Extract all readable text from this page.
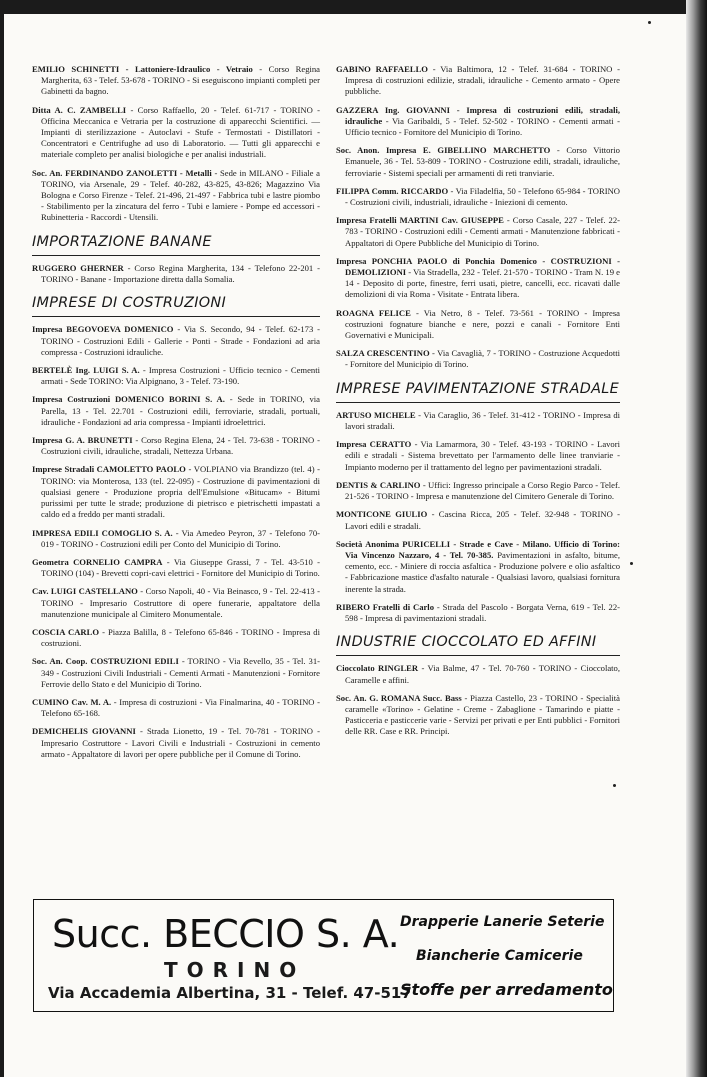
EMILIO SCHINETTI - Lattoniere-Idraulico - Vetraio - Corso Regina Margherita, 63 - Telef. 53-678 - TORINO - Si eseguiscono impianti completi per Gabinetti da bagno.
Ditta A. C. ZAMBELLI - Corso Raffaello, 20 - Telef. 61-717 - TORINO - Officina Meccanica e Vetraria per la costruzione di apparecchi Scientifici. — Impianti di sterilizzazione - Autoclavi - Stufe - Termostati - Distillatori - Concentratori e Centrifughe ad uso di Laboratorio. — Tutti gli apparecchi e materiale completo per analisi biologiche e per analisi industriali.
Soc. An. FERDINANDO ZANOLETTI - Metalli - Sede in MILANO - Filiale a TORINO, via Arsenale, 29 - Telef. 40-282, 43-825, 43-826; Magazzino Via Bologna e Corso Firenze - Telef. 21-496, 21-497 - Fabbrica tubi e lastre piombo - Stabilimento per la zincatura del ferro - Tubi e lamiere - Pompe ed accessori - Rubinetteria - Raccordi - Utensili.
IMPORTAZIONE BANANE
RUGGERO GHERNER - Corso Regina Margherita, 134 - Telefono 22-201 - TORINO - Banane - Importazione diretta dalla Somalia.
IMPRESE DI COSTRUZIONI
Impresa BEGOVOEVA DOMENICO - Via S. Secondo, 94 - Telef. 62-173 - TORINO - Costruzioni Edili - Gallerie - Ponti - Strade - Fondazioni ad aria compressa - Costruzioni idrauliche.
BERTELÈ Ing. LUIGI S. A. - Impresa Costruzioni - Ufficio tecnico - Cementi armati - Sede TORINO: Via Alpignano, 3 - Telef. 73-190.
Impresa Costruzioni DOMENICO BORINI S. A. - Sede in TORINO, via Parella, 13 - Tel. 22.701 - Costruzioni edili, ferroviarie, stradali, portuali, idrauliche - Fondazioni ad aria compressa - Impianti idroelettrici.
Impresa G. A. BRUNETTI - Corso Regina Elena, 24 - Tel. 73-638 - TORINO - Costruzioni civili, idrauliche, stradali, Nettezza Urbana.
Imprese Stradali CAMOLETTO PAOLO - VOLPIANO via Brandizzo (tel. 4) - TORINO: via Monterosa, 133 (tel. 22-095) - Costruzione di pavimentazioni di qualsiasi genere - Produzione propria dell'Emulsione «Bitucam» - Bitumi purissimi per tutte le strade; produzione di pietrisco e pietrischetti impastati a caldo ed a freddo per manti stradali.
IMPRESA EDILI COMOGLIO S. A. - Via Amedeo Peyron, 37 - Telefono 70-019 - TORINO - Costruzioni edili per Conto del Municipio di Torino.
Geometra CORNELIO CAMPRA - Via Giuseppe Grassi, 7 - Tel. 43-510 - TORINO (104) - Brevetti copri-cavi elettrici - Fornitore del Municipio di Torino.
Cav. LUIGI CASTELLANO - Corso Napoli, 40 - Via Beinasco, 9 - Tel. 22-413 - TORINO - Impresario Costruttore di opere funerarie, appaltatore della manutenzione municipale al Cimitero Monumentale.
COSCIA CARLO - Piazza Balilla, 8 - Telefono 65-846 - TORINO - Impresa di costruzioni.
Soc. An. Coop. COSTRUZIONI EDILI - TORINO - Via Revello, 35 - Tel. 31-349 - Costruzioni Civili Industriali - Cementi Armati - Manutenzioni - Fornitore Ferrovie dello Stato e del Municipio di Torino.
CUMINO Cav. M. A. - Impresa di costruzioni - Via Finalmarina, 40 - TORINO - Telefono 65-168.
DEMICHELIS GIOVANNI - Strada Lionetto, 19 - Tel. 70-781 - TORINO - Impresario Costruttore - Lavori Civili e Industriali - Costruzioni in cemento armato - Appaltatore di lavori per opere pubbliche per il Comune di Torino.
GABINO RAFFAELLO - Via Baltimora, 12 - Telef. 31-684 - TORINO - Impresa di costruzioni edilizie, stradali, idrauliche - Cemento armato - Opere pubbliche.
GAZZERA Ing. GIOVANNI - Impresa di costruzioni edili, stradali, idrauliche - Via Garibaldi, 5 - Telef. 52-502 - TORINO - Cementi armati - Ufficio tecnico - Fornitore del Municipio di Torino.
Soc. Anon. Impresa E. GIBELLINO MARCHETTO - Corso Vittorio Emanuele, 36 - Tel. 53-809 - TORINO - Costruzione edili, stradali, idrauliche, ferroviarie - Sistemi speciali per armamenti di reti tranviarie.
FILIPPA Comm. RICCARDO - Via Filadelfia, 50 - Telefono 65-984 - TORINO - Costruzioni civili, industriali, idrauliche - Iniezioni di cemento.
Impresa Fratelli MARTINI Cav. GIUSEPPE - Corso Casale, 227 - Telef. 22-783 - TORINO - Costruzioni edili - Cementi armati - Manutenzione fabbricati - Appaltatori di Opere Pubbliche del Municipio di Torino.
Impresa PONCHIA PAOLO di Ponchia Domenico - COSTRUZIONI - DEMOLIZIONI - Via Stradella, 232 - Telef. 21-570 - TORINO - Tram N. 19 e 14 - Deposito di porte, finestre, ferri usati, pietre, cancelli, ecc. ricavati dalle demolizioni di via Roma - Visitate - Entrata libera.
ROAGNA FELICE - Via Netro, 8 - Telef. 73-561 - TORINO - Impresa costruzioni fognature bianche e nere, pozzi e canali - Fornitore Enti Governativi e Municipali.
SALZA CRESCENTINO - Via Cavaglià, 7 - TORINO - Costruzione Acquedotti - Fornitore del Municipio di Torino.
IMPRESE PAVIMENTAZIONE STRADALE
ARTUSO MICHELE - Via Caraglio, 36 - Telef. 31-412 - TORINO - Impresa di lavori stradali.
Impresa CERATTO - Via Lamarmora, 30 - Telef. 43-193 - TORINO - Lavori edili e stradali - Sistema brevettato per l'armamento delle linee tranviarie - Impianto moderno per il trattamento del legno per pavimentazioni stradali.
DENTIS & CARLINO - Uffici: Ingresso principale a Corso Regio Parco - Telef. 21-526 - TORINO - Impresa e manutenzione del Cimitero Generale di Torino.
MONTICONE GIULIO - Cascina Ricca, 205 - Telef. 32-948 - TORINO - Lavori edili e stradali.
Società Anonima PURICELLI - Strade e Cave - Milano. Ufficio di Torino: Via Vincenzo Nazzaro, 4 - Tel. 70-385. Pavimentazioni in asfalto, bitume, cemento, ecc. - Miniere di roccia asfaltica - Produzione polvere e olio asfaltico - Fabbricazione mastice d'asfalto naturale - Qualsiasi lavoro, qualsiasi fornitura inerente la strada.
RIBERO Fratelli di Carlo - Strada del Pascolo - Borgata Verna, 619 - Tel. 22-598 - Impresa di pavimentazioni stradali.
INDUSTRIE CIOCCOLATO ED AFFINI
Cioccolato RINGLER - Via Balme, 47 - Tel. 70-760 - TORINO - Cioccolato, Caramelle e affini.
Soc. An. G. ROMANA Succ. Bass - Piazza Castello, 23 - TORINO - Specialità caramelle «Torino» - Gelatine - Creme - Zabaglione - Tamarindo e piatte - Pasticceria e pasticcerie varie - Servizi per privati e per Enti pubblici - Fornitori delle RR. Case e RR. Principi.
Succ. BECCIO S. A.
TORINO
Via Accademia Albertina, 31 - Telef. 47-517
Drapperie Lanerie Seterie
Biancherie Camicerie
Stoffe per arredamento
